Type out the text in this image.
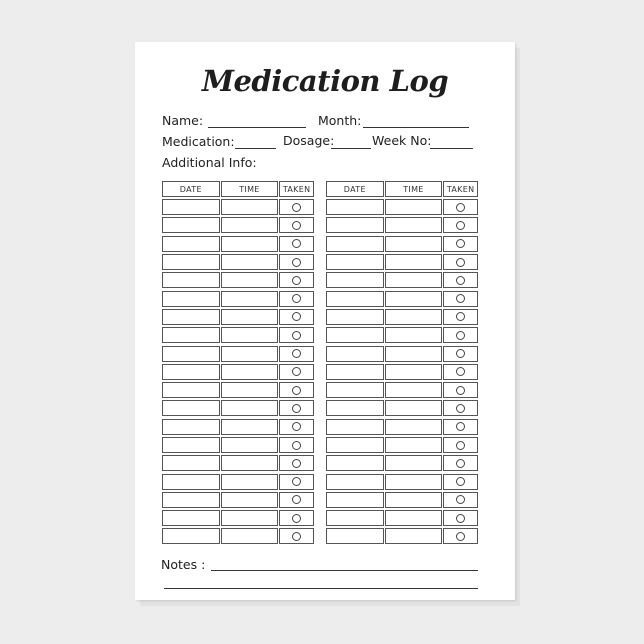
Medication Log
Name:	Month:
Medication:	Dosage:	Week No:
Additional Info:
DATE	TIME	TAKEN	DATE	TIME	TAKEN
Notes :
